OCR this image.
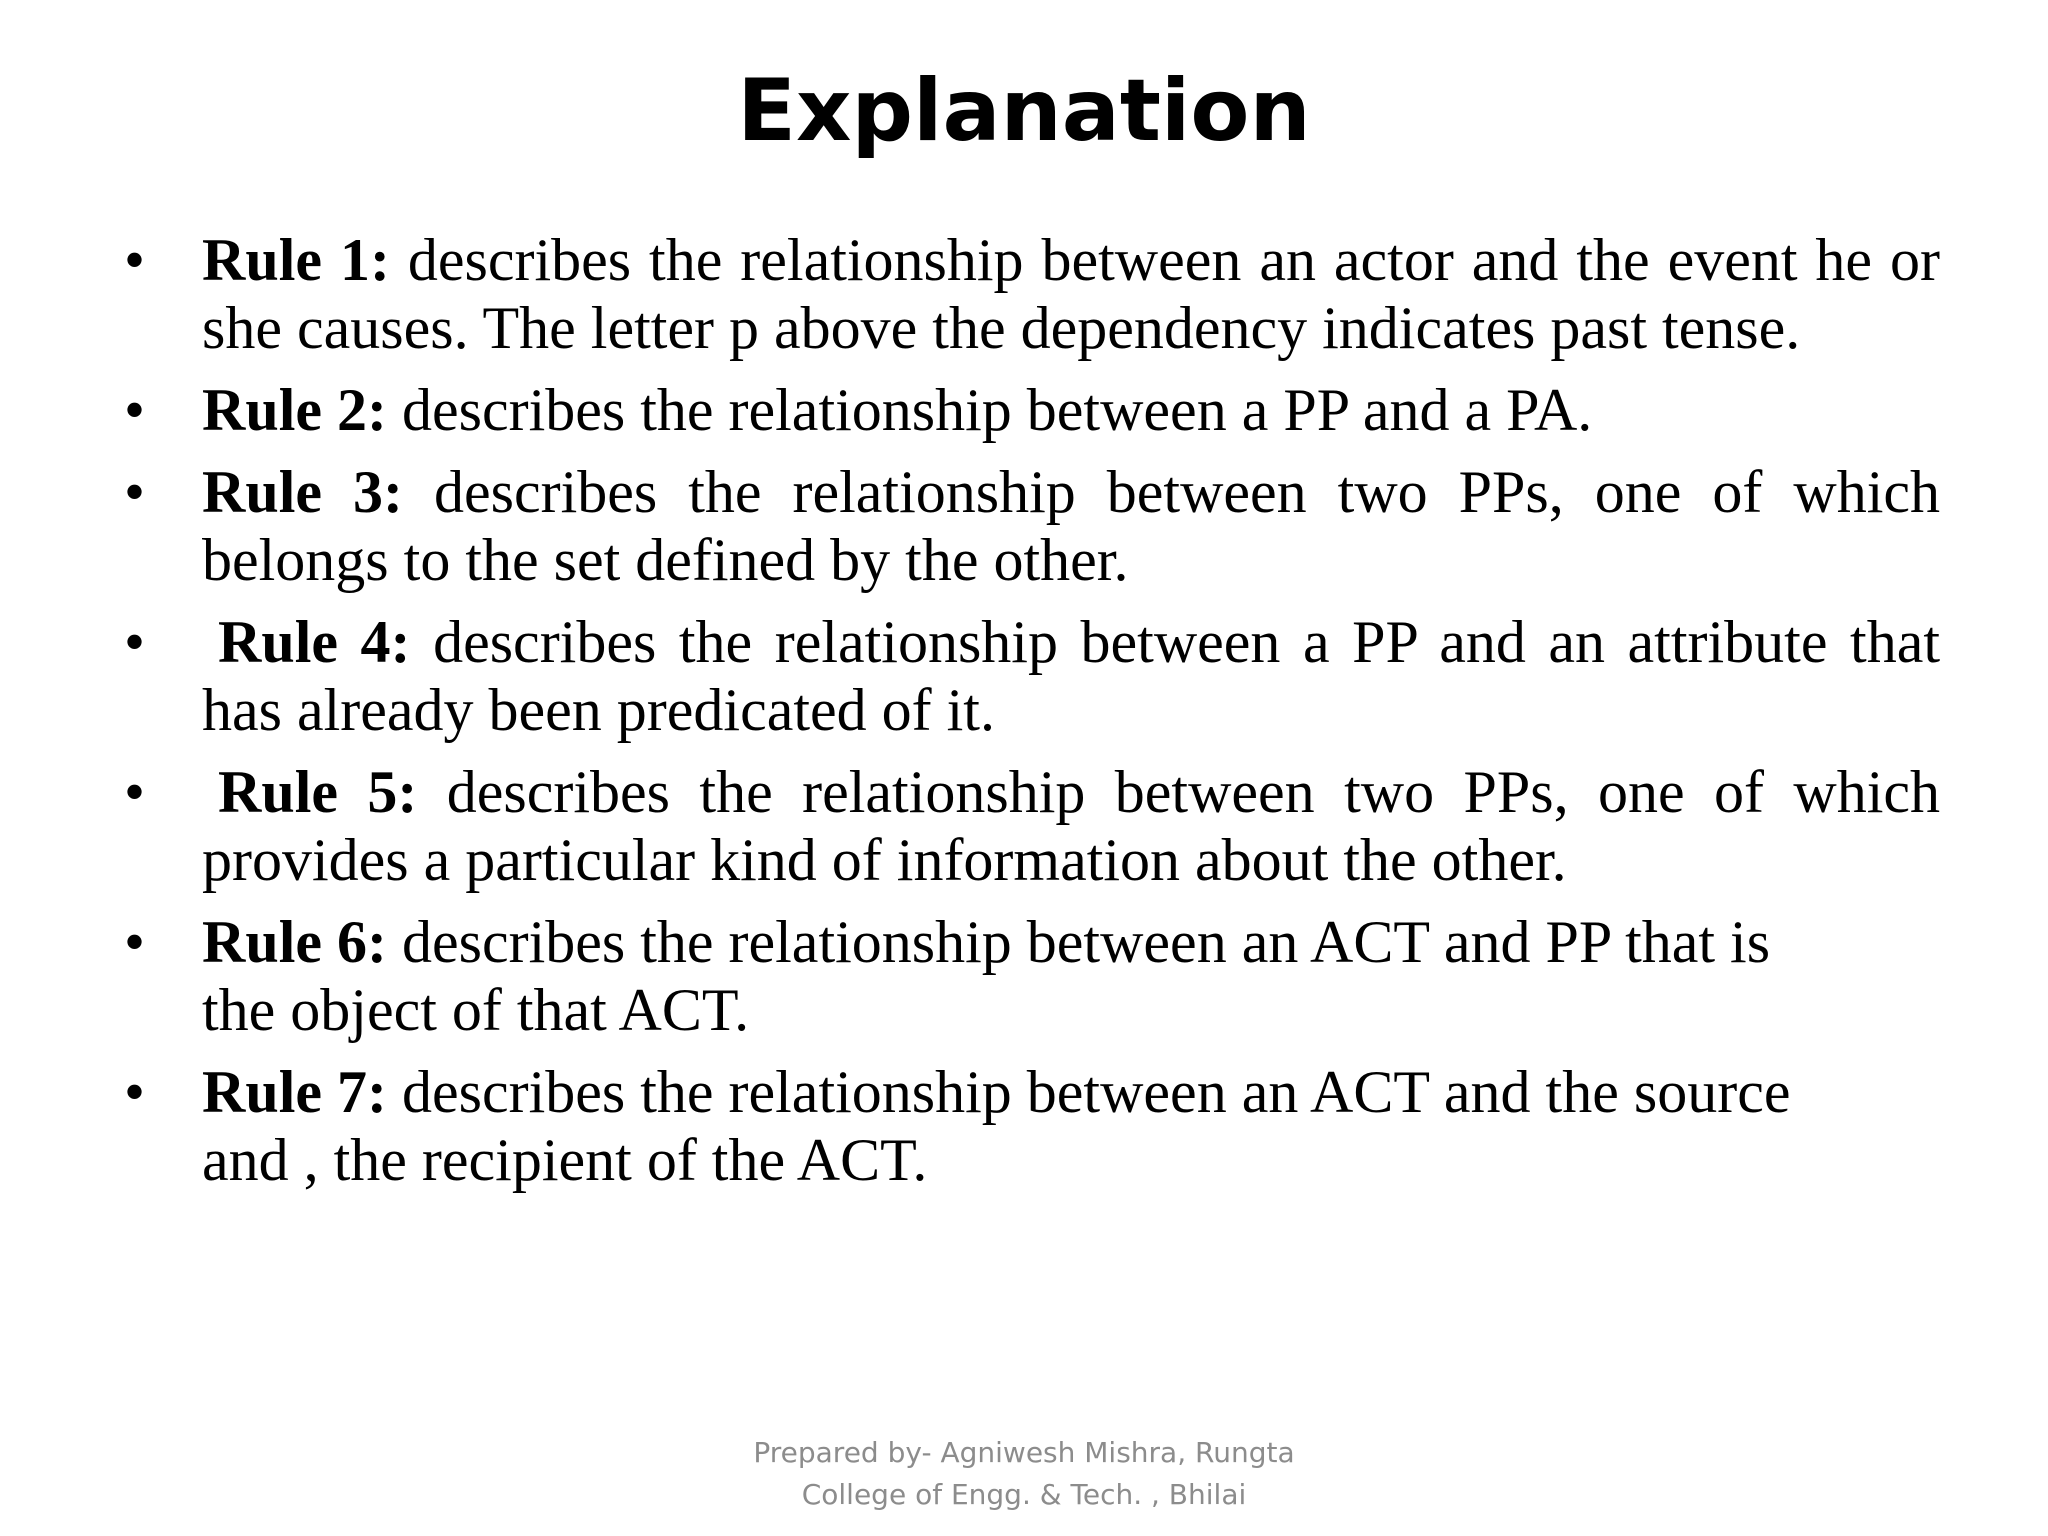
Explanation
• Rule 1: describes the relationship between an actor and the event he or she causes. The letter p above the dependency indicates past tense.
• Rule 2: describes the relationship between a PP and a PA.
• Rule 3: describes the relationship between two PPs, one of which belongs to the set defined by the other.
• Rule 4: describes the relationship between a PP and an attribute that has already been predicated of it.
• Rule 5: describes the relationship between two PPs, one of which provides a particular kind of information about the other.
• Rule 6: describes the relationship between an ACT and PP that is the object of that ACT.
• Rule 7: describes the relationship between an ACT and the source and , the recipient of the ACT.
Prepared by- Agniwesh Mishra, Rungta
College of Engg. & Tech. , Bhilai
